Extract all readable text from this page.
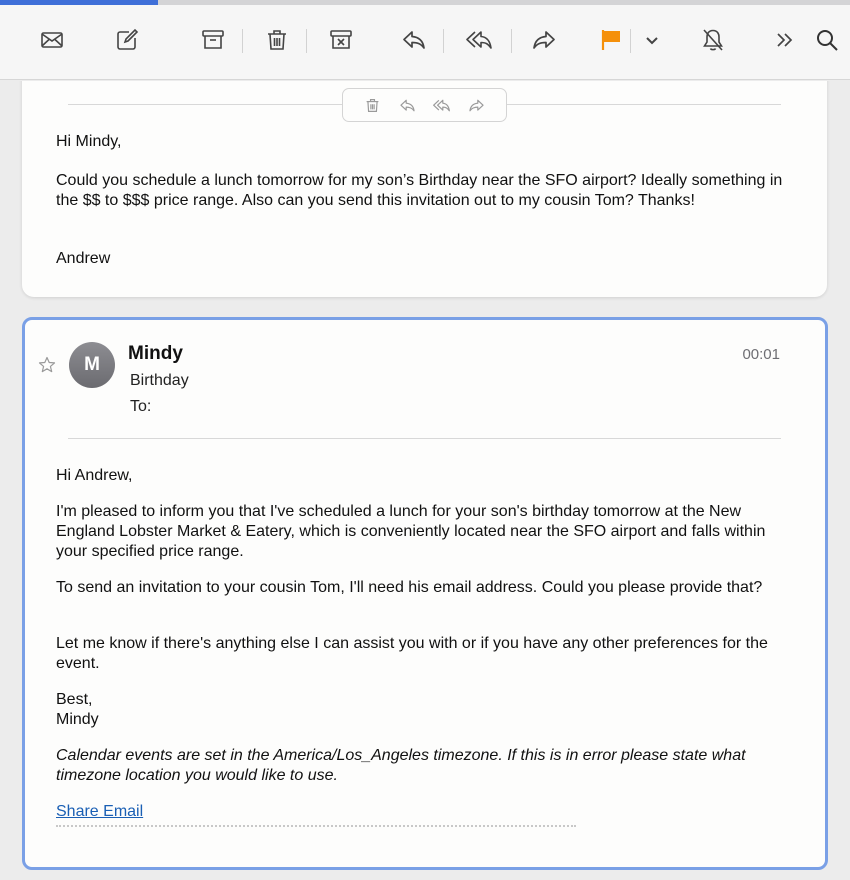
Hi Mindy,
Could you schedule a lunch tomorrow for my son’s Birthday near the SFO airport? Ideally something in the $$ to $$$ price range. Also can you send this invitation out to my cousin Tom? Thanks!
Andrew
M
Mindy
Birthday
To:
00:01
Hi Andrew,
I'm pleased to inform you that I've scheduled a lunch for your son's birthday tomorrow at the New England Lobster Market & Eatery, which is conveniently located near the SFO airport and falls within your specified price range.
To send an invitation to your cousin Tom, I'll need his email address. Could you please provide that?
Let me know if there's anything else I can assist you with or if you have any other preferences for the event.
Best,
Mindy
Calendar events are set in the America/Los_Angeles timezone. If this is in error please state what timezone location you would like to use.
Share Email
